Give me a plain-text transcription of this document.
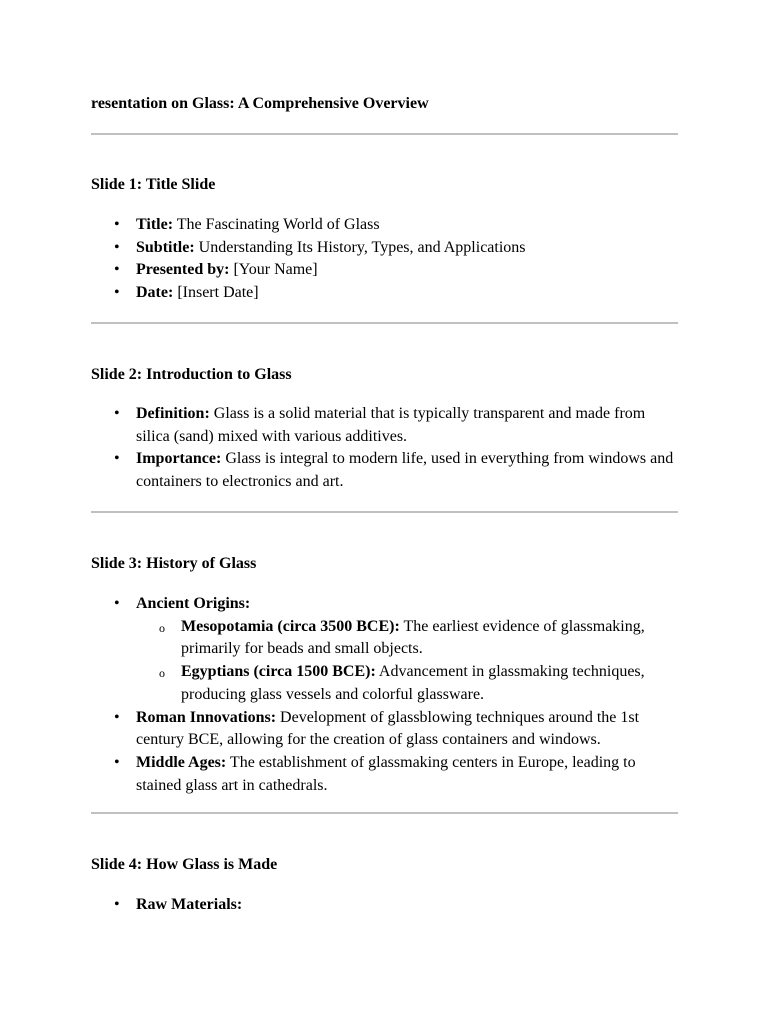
resentation on Glass: A Comprehensive Overview
Slide 1: Title Slide
• Title: The Fascinating World of Glass
• Subtitle: Understanding Its History, Types, and Applications
• Presented by: [Your Name]
• Date: [Insert Date]
Slide 2: Introduction to Glass
• Definition: Glass is a solid material that is typically transparent and made from silica (sand) mixed with various additives.
• Importance: Glass is integral to modern life, used in everything from windows and containers to electronics and art.
Slide 3: History of Glass
• Ancient Origins:
o Mesopotamia (circa 3500 BCE): The earliest evidence of glassmaking, primarily for beads and small objects.
o Egyptians (circa 1500 BCE): Advancement in glassmaking techniques, producing glass vessels and colorful glassware.
• Roman Innovations: Development of glassblowing techniques around the 1st century BCE, allowing for the creation of glass containers and windows.
• Middle Ages: The establishment of glassmaking centers in Europe, leading to stained glass art in cathedrals.
Slide 4: How Glass is Made
• Raw Materials:
